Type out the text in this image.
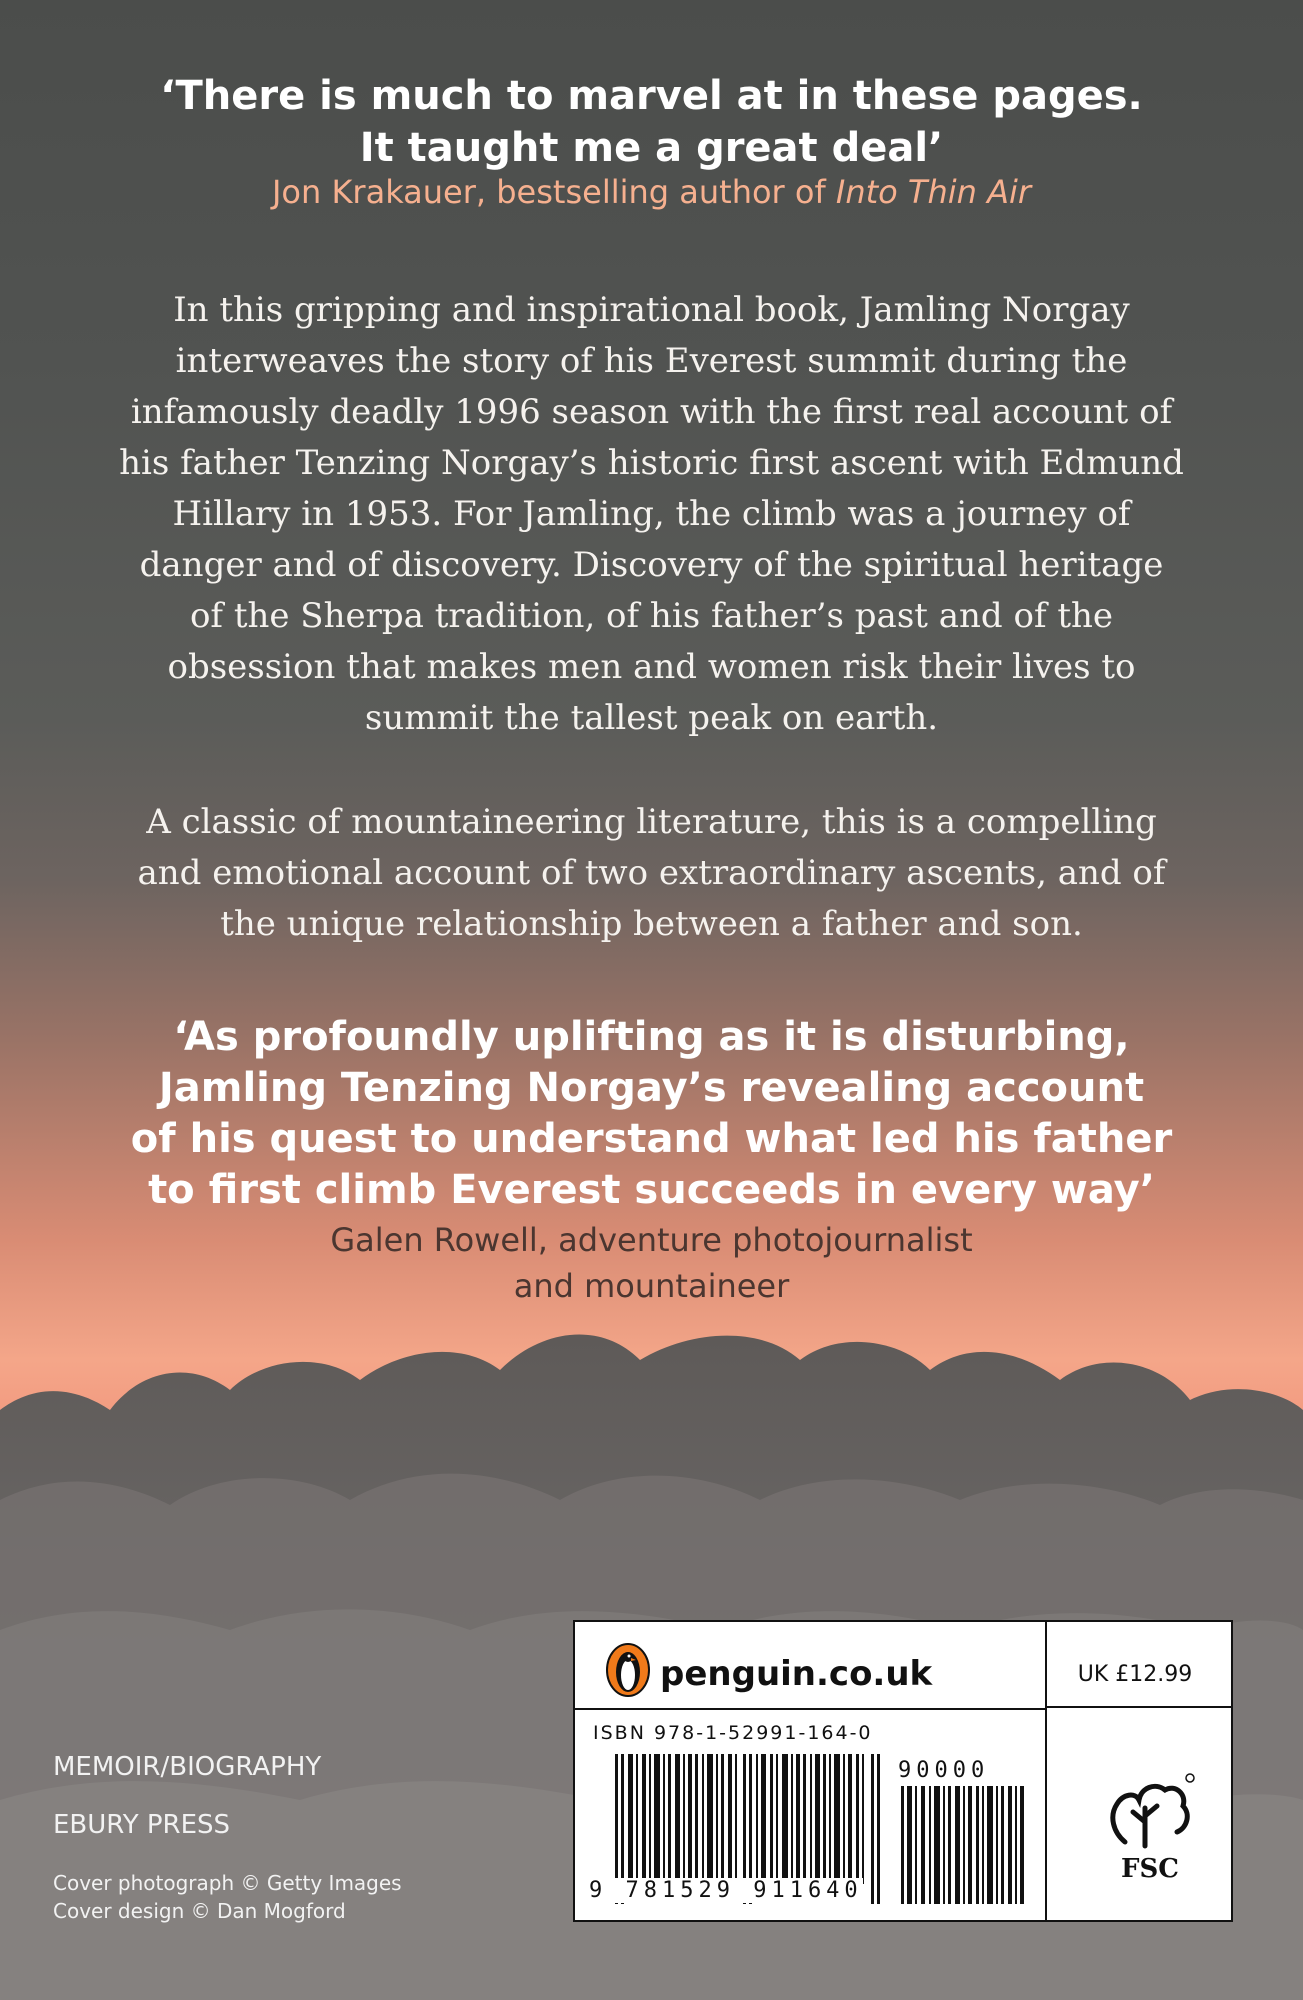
‘There is much to marvel at in these pages.
It taught me a great deal’
Jon Krakauer, bestselling author of Into Thin Air
In this gripping and inspirational book, Jamling Norgay
interweaves the story of his Everest summit during the
infamously deadly 1996 season with the first real account of
his father Tenzing Norgay’s historic first ascent with Edmund
Hillary in 1953. For Jamling, the climb was a journey of
danger and of discovery. Discovery of the spiritual heritage
of the Sherpa tradition, of his father’s past and of the
obsession that makes men and women risk their lives to
summit the tallest peak on earth.
A classic of mountaineering literature, this is a compelling
and emotional account of two extraordinary ascents, and of
the unique relationship between a father and son.
‘As profoundly uplifting as it is disturbing,
Jamling Tenzing Norgay’s revealing account
of his quest to understand what led his father
to first climb Everest succeeds in every way’
Galen Rowell, adventure photojournalist
and mountaineer
MEMOIR/BIOGRAPHY
EBURY PRESS
Cover photograph © Getty Images
Cover design © Dan Mogford
penguin.co.uk	UK £12.99
ISBN 978-1-52991-164-0
9 781529 911640
90000
FSC
